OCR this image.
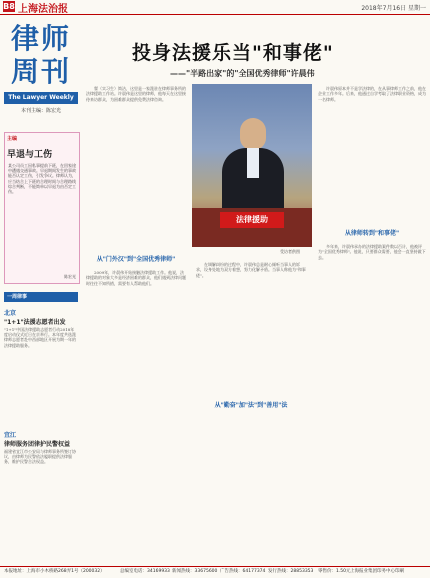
B8 上海法治报	2018年7月16日 星期一
律师周刊
The Lawyer Weekly
本刊主编：陈宏光
主编
早退与工伤
某公司员工因私事提前下班，在回家途中遭遇交通事故。早退期间发生的事故能否认定工伤，引发争议。律师认为，应当结合上下班的合理时间与合理路线综合判断，不能简单以早退为由否定工伤。
陈宏光
一周律事
北京
"1+1"法援志愿者出发
"1+1"中国法律援助志愿者行动2018年度启动仪式近日在京举行。本年度共选派律师志愿者赴中西部地区开展为期一年的法律援助服务。
宜江
律师服务团律护民警权益
福建省宜江市公安局与律师事务所签订协议，由律师为民警依法履职提供法律服务，维护民警合法权益。
投身法援乐当"和事佬"
——"半路出家"的"全国优秀律师"许晨伟

翟（实习生）简洁，这里是一家派驻在律师事务所的法律援助工作站。许晨伟是这里的律师，他每天在这里接待来访群众，为困难群众提供免费法律咨询。

法律援助
受访者供图

许晨伟原本并不是学法律的，在从事律师工作之前，他在企业工作多年。后来，他通过自学考取了法律职业资格，成为一名律师。

从"门外汉"到"全国优秀律师"

2009年，许晨伟开始接触法律援助工作。他说，法律援助的对象大多是经济困难的群众，他们遇到法律问题时往往不知所措，需要有人帮助他们。

从"勤奋"加"法"到"善用"法

在调解纠纷的过程中，许晨伟总是耐心倾听当事人的诉求，设身处地为双方着想，努力化解矛盾。当事人称他为"和事佬"。

从律师转到"和事佬"

多年来，许晨伟承办的法律援助案件数以百计，他被评为"全国优秀律师"。他说，只要群众需要，他会一直坚持做下去。

本报地址：上海市小木桥路268弄1号（200032）	总编室电话：34169933 新闻热线：33675600 广告热线：64177374 发行热线：28853353 零售价：1.50元 上海报业集团印务中心印刷
